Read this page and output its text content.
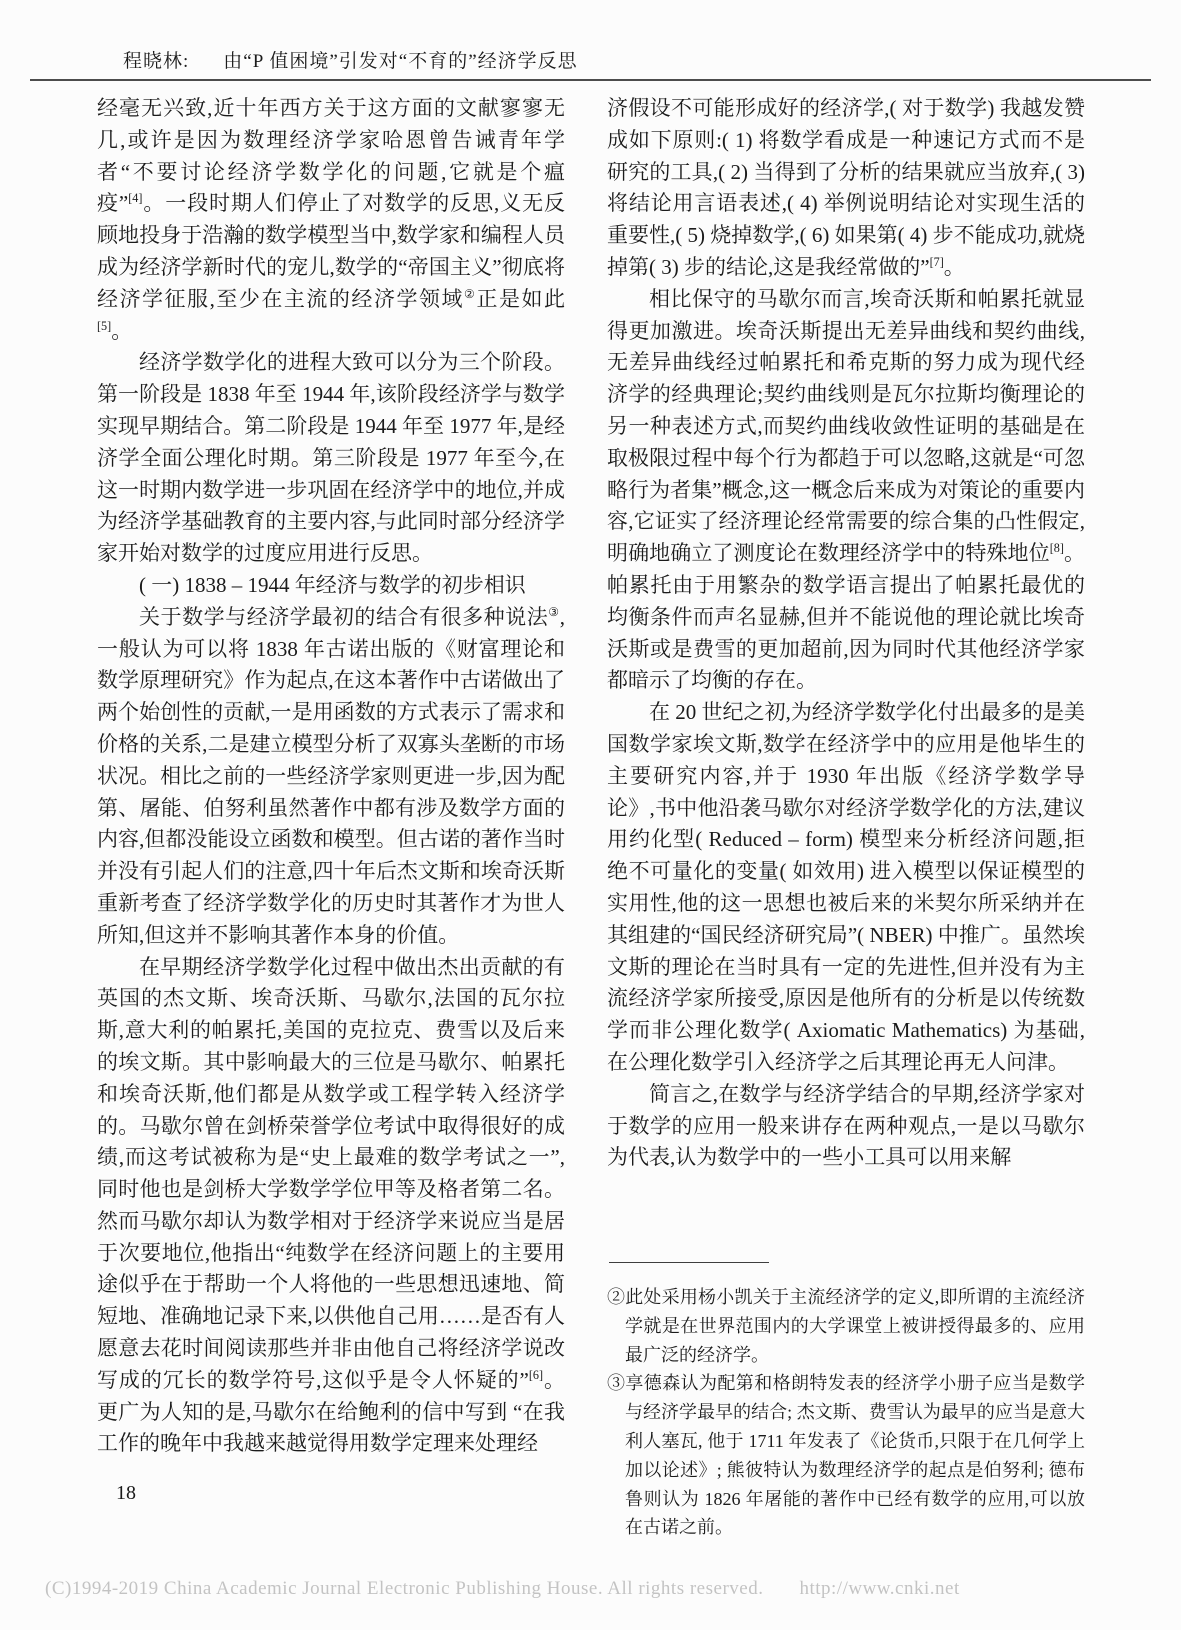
程晓林: 由“P 值困境”引发对“不育的”经济学反思

经毫无兴致,近十年西方关于这方面的文献寥寥无几,或许是因为数理经济学家哈恩曾告诫青年学者“不要讨论经济学数学化的问题,它就是个瘟疫”[4]。一段时期人们停止了对数学的反思,义无反顾地投身于浩瀚的数学模型当中,数学家和编程人员成为经济学新时代的宠儿,数学的“帝国主义”彻底将经济学征服,至少在主流的经济学领域②正是如此[5]。

经济学数学化的进程大致可以分为三个阶段。第一阶段是 1838 年至 1944 年,该阶段经济学与数学实现早期结合。第二阶段是 1944 年至 1977 年,是经济学全面公理化时期。第三阶段是 1977 年至今,在这一时期内数学进一步巩固在经济学中的地位,并成为经济学基础教育的主要内容,与此同时部分经济学家开始对数学的过度应用进行反思。

( 一) 1838 – 1944 年经济与数学的初步相识

关于数学与经济学最初的结合有很多种说法③,一般认为可以将 1838 年古诺出版的《财富理论和数学原理研究》作为起点,在这本著作中古诺做出了两个始创性的贡献,一是用函数的方式表示了需求和价格的关系,二是建立模型分析了双寡头垄断的市场状况。相比之前的一些经济学家则更进一步,因为配第、屠能、伯努利虽然著作中都有涉及数学方面的内容,但都没能设立函数和模型。但古诺的著作当时并没有引起人们的注意,四十年后杰文斯和埃奇沃斯重新考查了经济学数学化的历史时其著作才为世人所知,但这并不影响其著作本身的价值。

在早期经济学数学化过程中做出杰出贡献的有英国的杰文斯、埃奇沃斯、马歇尔,法国的瓦尔拉斯,意大利的帕累托,美国的克拉克、费雪以及后来的埃文斯。其中影响最大的三位是马歇尔、帕累托和埃奇沃斯,他们都是从数学或工程学转入经济学的。马歇尔曾在剑桥荣誉学位考试中取得很好的成绩,而这考试被称为是“史上最难的数学考试之一”, 同时他也是剑桥大学数学学位甲等及格者第二名。然而马歇尔却认为数学相对于经济学来说应当是居于次要地位,他指出“纯数学在经济问题上的主要用途似乎在于帮助一个人将他的一些思想迅速地、简短地、准确地记录下来,以供他自己用……是否有人愿意去花时间阅读那些并非由他自己将经济学说改写成的冗长的数学符号,这似乎是令人怀疑的”[6]。更广为人知的是,马歇尔在给鲍利的信中写到 “在我工作的晚年中我越来越觉得用数学定理来处理经

济假设不可能形成好的经济学,( 对于数学) 我越发赞成如下原则:( 1) 将数学看成是一种速记方式而不是研究的工具,( 2) 当得到了分析的结果就应当放弃,( 3) 将结论用言语表述,( 4) 举例说明结论对实现生活的重要性,( 5) 烧掉数学,( 6) 如果第( 4) 步不能成功,就烧掉第( 3) 步的结论,这是我经常做的”[7]。

相比保守的马歇尔而言,埃奇沃斯和帕累托就显得更加激进。埃奇沃斯提出无差异曲线和契约曲线,无差异曲线经过帕累托和希克斯的努力成为现代经济学的经典理论;契约曲线则是瓦尔拉斯均衡理论的另一种表述方式,而契约曲线收敛性证明的基础是在取极限过程中每个行为都趋于可以忽略,这就是“可忽略行为者集”概念,这一概念后来成为对策论的重要内容,它证实了经济理论经常需要的综合集的凸性假定,明确地确立了测度论在数理经济学中的特殊地位[8]。帕累托由于用繁杂的数学语言提出了帕累托最优的均衡条件而声名显赫,但并不能说他的理论就比埃奇沃斯或是费雪的更加超前,因为同时代其他经济学家都暗示了均衡的存在。

在 20 世纪之初,为经济学数学化付出最多的是美国数学家埃文斯,数学在经济学中的应用是他毕生的主要研究内容,并于 1930 年出版《经济学数学导论》,书中他沿袭马歇尔对经济学数学化的方法,建议用约化型( Reduced – form) 模型来分析经济问题,拒绝不可量化的变量( 如效用) 进入模型以保证模型的实用性,他的这一思想也被后来的米契尔所采纳并在其组建的“国民经济研究局”( NBER) 中推广。虽然埃文斯的理论在当时具有一定的先进性,但并没有为主流经济学家所接受,原因是他所有的分析是以传统数学而非公理化数学( Axiomatic Mathematics) 为基础,在公理化数学引入经济学之后其理论再无人问津。

简言之,在数学与经济学结合的早期,经济学家对于数学的应用一般来讲存在两种观点,一是以马歇尔为代表,认为数学中的一些小工具可以用来解

18

②此处采用杨小凯关于主流经济学的定义,即所谓的主流经济学就是在世界范围内的大学课堂上被讲授得最多的、应用最广泛的经济学。

③享德森认为配第和格朗特发表的经济学小册子应当是数学与经济学最早的结合; 杰文斯、费雪认为最早的应当是意大利人塞瓦, 他于 1711 年发表了《论货币,只限于在几何学上加以论述》; 熊彼特认为数理经济学的起点是伯努利; 德布鲁则认为 1826 年屠能的著作中已经有数学的应用,可以放在古诺之前。

(C)1994-2019 China Academic Journal Electronic Publishing House. All rights reserved. http://www.cnki.net
